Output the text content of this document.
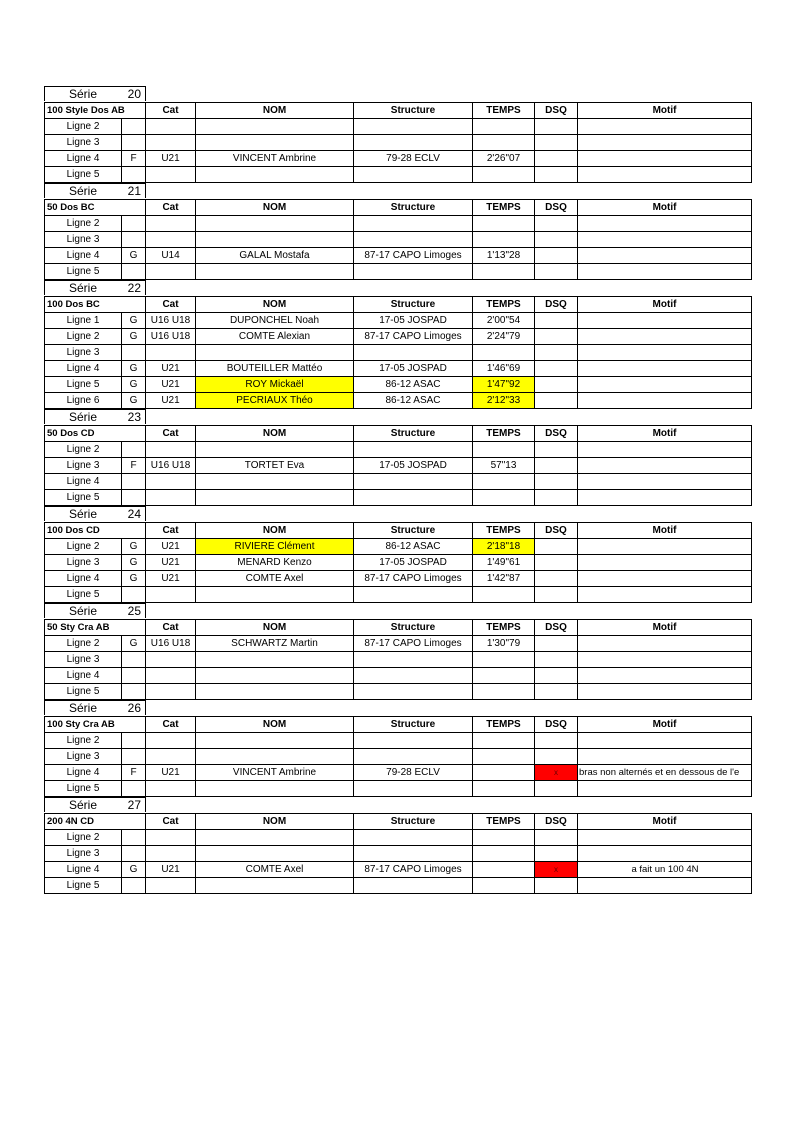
Série	20
100 Style Dos AB		Cat	NOM	Structure	TEMPS	DSQ	Motif
Ligne 2							
Ligne 3							
Ligne 4	F	U21	VINCENT Ambrine	79-28 ECLV	2'26"07		
Ligne 5							
Série	21
50 Dos BC		Cat	NOM	Structure	TEMPS	DSQ	Motif
Ligne 2							
Ligne 3							
Ligne 4	G	U14	GALAL Mostafa	87-17 CAPO Limoges	1'13"28		
Ligne 5							
Série	22
100 Dos BC		Cat	NOM	Structure	TEMPS	DSQ	Motif
Ligne 1	G	U16 U18	DUPONCHEL Noah	17-05 JOSPAD	2'00"54		
Ligne 2	G	U16 U18	COMTE Alexian	87-17 CAPO Limoges	2'24"79		
Ligne 3							
Ligne 4	G	U21	BOUTEILLER Mattéo	17-05 JOSPAD	1'46"69		
Ligne 5	G	U21	ROY Mickaël	86-12 ASAC	1'47"92		
Ligne 6	G	U21	PECRIAUX Théo	86-12 ASAC	2'12"33		
Série	23
50 Dos CD		Cat	NOM	Structure	TEMPS	DSQ	Motif
Ligne 2							
Ligne 3	F	U16 U18	TORTET Eva	17-05 JOSPAD	57"13		
Ligne 4							
Ligne 5							
Série	24
100 Dos CD		Cat	NOM	Structure	TEMPS	DSQ	Motif
Ligne 2	G	U21	RIVIERE Clément	86-12 ASAC	2'18"18		
Ligne 3	G	U21	MENARD Kenzo	17-05 JOSPAD	1'49"61		
Ligne 4	G	U21	COMTE Axel	87-17 CAPO Limoges	1'42"87		
Ligne 5							
Série	25
50 Sty Cra AB		Cat	NOM	Structure	TEMPS	DSQ	Motif
Ligne 2	G	U16 U18	SCHWARTZ Martin	87-17 CAPO Limoges	1'30"79		
Ligne 3							
Ligne 4							
Ligne 5							
Série	26
100 Sty Cra AB		Cat	NOM	Structure	TEMPS	DSQ	Motif
Ligne 2							
Ligne 3							
Ligne 4	F	U21	VINCENT Ambrine	79-28 ECLV		x	bras non alternés et en dessous de l'e
Ligne 5							
Série	27
200 4N CD		Cat	NOM	Structure	TEMPS	DSQ	Motif
Ligne 2							
Ligne 3							
Ligne 4	G	U21	COMTE Axel	87-17 CAPO Limoges		x	a fait un 100 4N
Ligne 5							
